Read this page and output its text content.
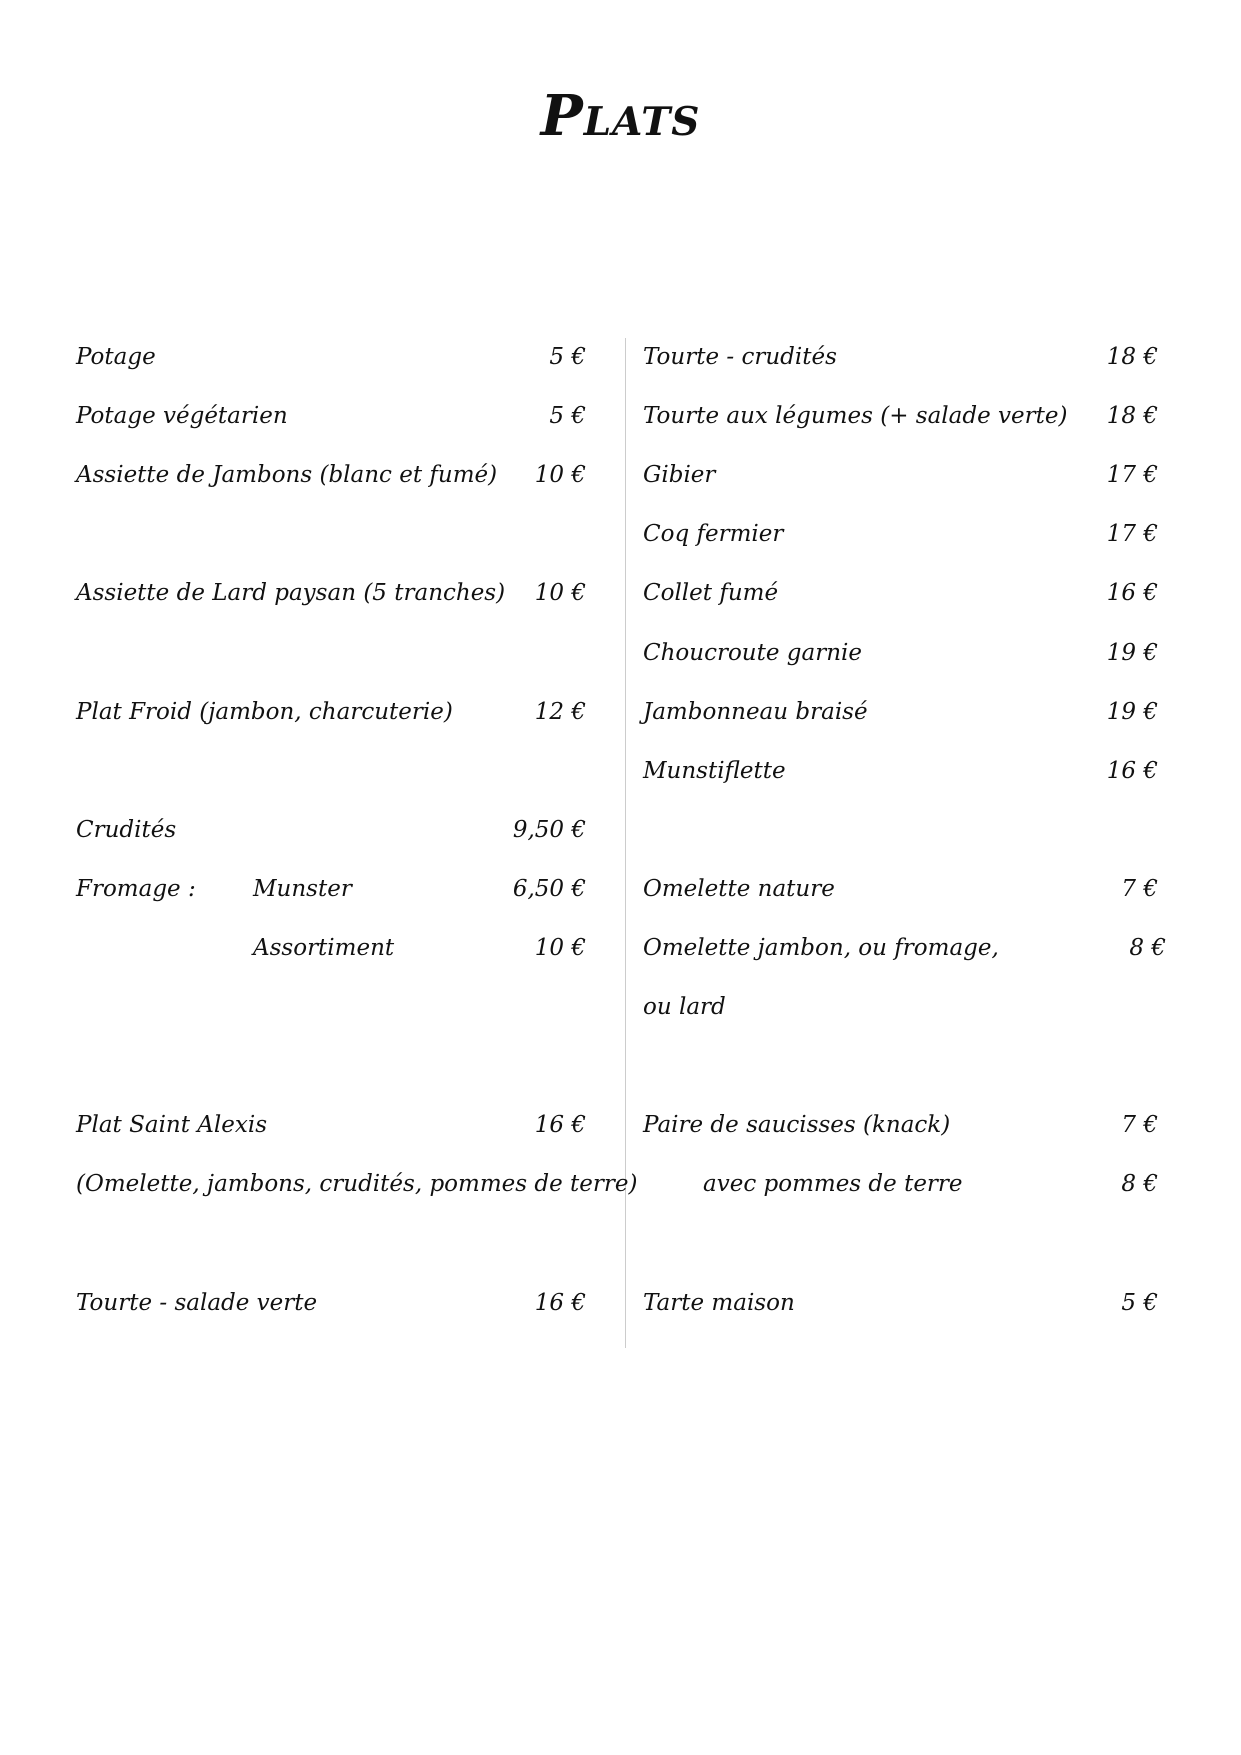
Plats
Potage	5 €
Potage végétarien	5 €
Assiette de Jambons (blanc et fumé) 10 €
Assiette de Lard paysan (5 tranches) 10 €
Plat Froid (jambon, charcuterie)	12 €
Crudités	9,50 €
Fromage : Munster	6,50 €
Assortiment	10 €
Plat Saint Alexis	16 €
(Omelette, jambons, crudités, pommes de terre)
Tourte - salade verte	16 €
Tourte - crudités	18 €
Tourte aux légumes (+ salade verte) 18 €
Gibier	17 €
Coq fermier	17 €
Collet fumé	16 €
Choucroute garnie	19 €
Jambonneau braisé	19 €
Munstiflette	16 €
Omelette nature	7 €
Omelette jambon, ou fromage,	8 €
ou lard
Paire de saucisses (knack)	7 €
avec pommes de terre	8 €
Tarte maison	5 €
